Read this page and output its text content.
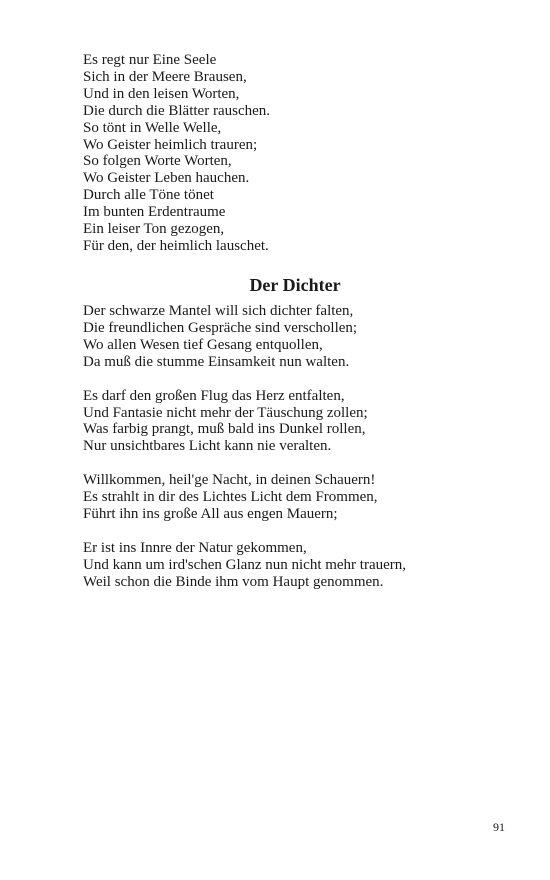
Es regt nur Eine Seele
Sich in der Meere Brausen,
Und in den leisen Worten,
Die durch die Blätter rauschen.
So tönt in Welle Welle,
Wo Geister heimlich trauren;
So folgen Worte Worten,
Wo Geister Leben hauchen.
Durch alle Töne tönet
Im bunten Erdentraume
Ein leiser Ton gezogen,
Für den, der heimlich lauschet.
Der Dichter
Der schwarze Mantel will sich dichter falten,
Die freundlichen Gespräche sind verschollen;
Wo allen Wesen tief Gesang entquollen,
Da muß die stumme Einsamkeit nun walten.
Es darf den großen Flug das Herz entfalten,
Und Fantasie nicht mehr der Täuschung zollen;
Was farbig prangt, muß bald ins Dunkel rollen,
Nur unsichtbares Licht kann nie veralten.
Willkommen, heil'ge Nacht, in deinen Schauern!
Es strahlt in dir des Lichtes Licht dem Frommen,
Führt ihn ins große All aus engen Mauern;
Er ist ins Innre der Natur gekommen,
Und kann um ird'schen Glanz nun nicht mehr trauern,
Weil schon die Binde ihm vom Haupt genommen.
91
